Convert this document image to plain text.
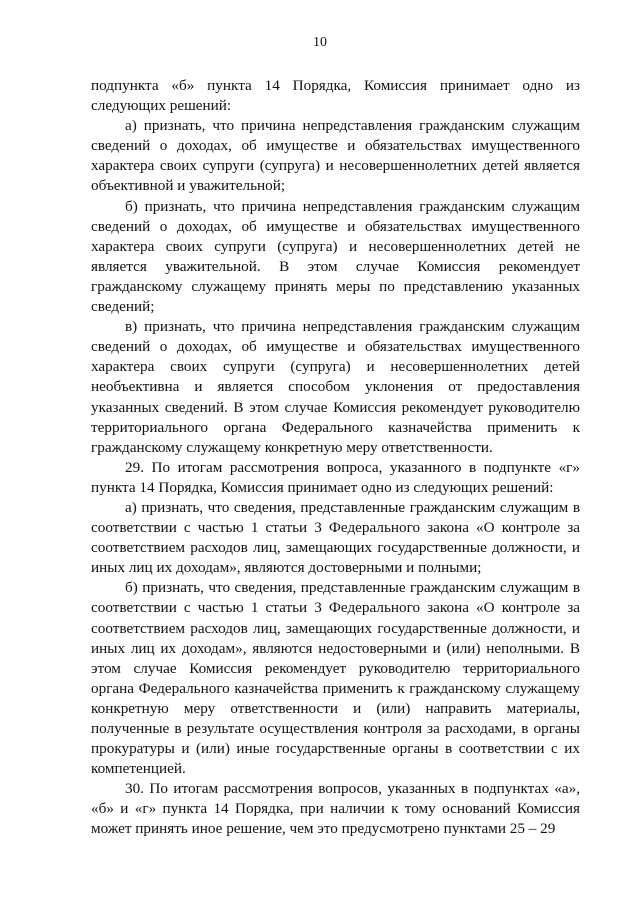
10

подпункта «б» пункта 14 Порядка, Комиссия принимает одно из следующих решений:

а) признать, что причина непредставления гражданским служащим сведений о доходах, об имуществе и обязательствах имущественного характера своих супруги (супруга) и несовершеннолетних детей является объективной и уважительной;

б) признать, что причина непредставления гражданским служащим сведений о доходах, об имуществе и обязательствах имущественного характера своих супруги (супруга) и несовершеннолетних детей не является уважительной. В этом случае Комиссия рекомендует гражданскому служащему принять меры по представлению указанных сведений;

в) признать, что причина непредставления гражданским служащим сведений о доходах, об имуществе и обязательствах имущественного характера своих супруги (супруга) и несовершеннолетних детей необъективна и является способом уклонения от предоставления указанных сведений. В этом случае Комиссия рекомендует руководителю территориального органа Федерального казначейства применить к гражданскому служащему конкретную меру ответственности.

29. По итогам рассмотрения вопроса, указанного в подпункте «г» пункта 14 Порядка, Комиссия принимает одно из следующих решений:

а) признать, что сведения, представленные гражданским служащим в соответствии с частью 1 статьи 3 Федерального закона «О контроле за соответствием расходов лиц, замещающих государственные должности, и иных лиц их доходам», являются достоверными и полными;

б) признать, что сведения, представленные гражданским служащим в соответствии с частью 1 статьи 3 Федерального закона «О контроле за соответствием расходов лиц, замещающих государственные должности, и иных лиц их доходам», являются недостоверными и (или) неполными. В этом случае Комиссия рекомендует руководителю территориального органа Федерального казначейства применить к гражданскому служащему конкретную меру ответственности и (или) направить материалы, полученные в результате осуществления контроля за расходами, в органы прокуратуры и (или) иные государственные органы в соответствии с их компетенцией.

30. По итогам рассмотрения вопросов, указанных в подпунктах «а», «б» и «г» пункта 14 Порядка, при наличии к тому оснований Комиссия может принять иное решение, чем это предусмотрено пунктами 25 – 29
